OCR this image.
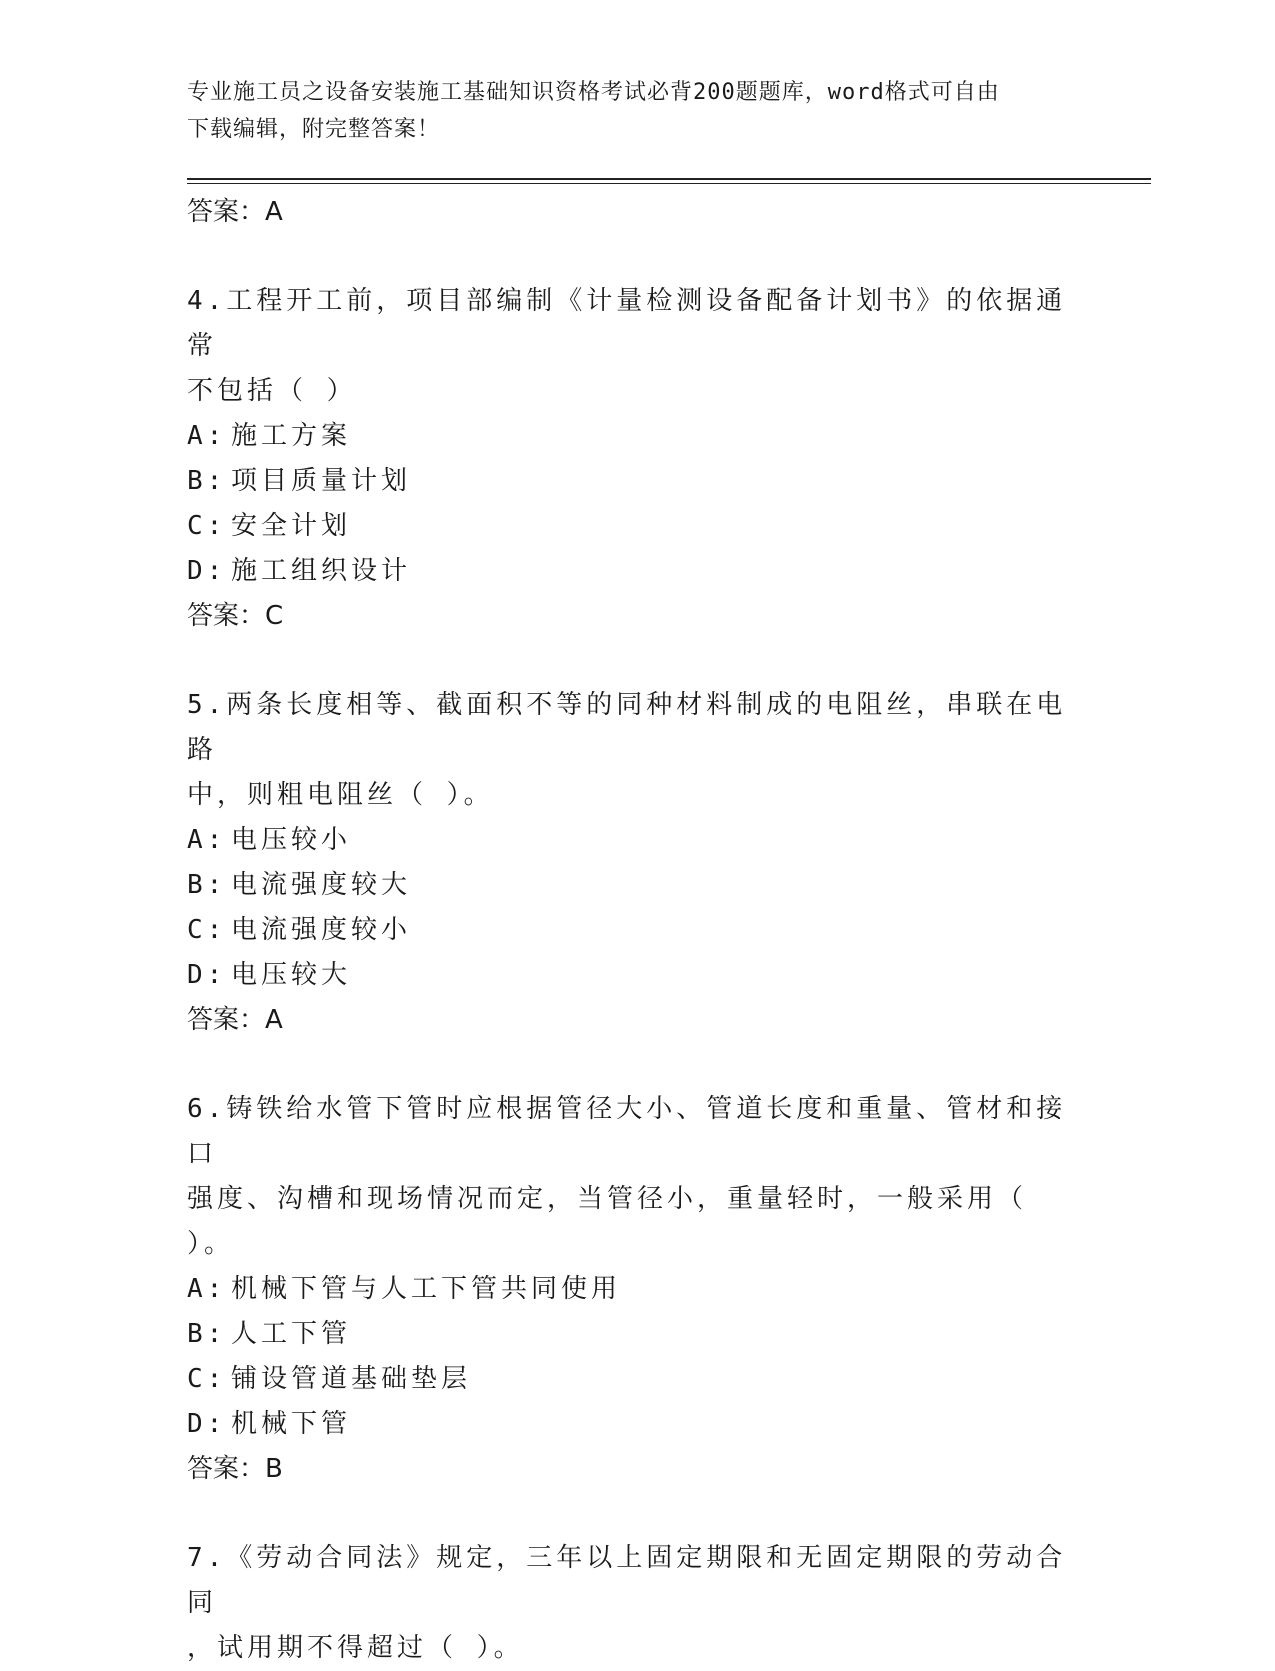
专业施工员之设备安装施工基础知识资格考试必背200题题库，word格式可自由
下载编辑，附完整答案！

答案：A

4.工程开工前，项目部编制《计量检测设备配备计划书》的依据通常
不包括（ ）

A: 施工方案

B: 项目质量计划

C: 安全计划

D: 施工组织设计

答案：C

5.两条长度相等、截面积不等的同种材料制成的电阻丝，串联在电路
中，则粗电阻丝（ ）。

A: 电压较小

B: 电流强度较大

C: 电流强度较小

D: 电压较大

答案：A

6.铸铁给水管下管时应根据管径大小、管道长度和重量、管材和接口
强度、沟槽和现场情况而定，当管径小，重量轻时，一般采用（ ）。

A: 机械下管与人工下管共同使用

B: 人工下管

C: 铺设管道基础垫层

D: 机械下管

答案：B

7.《劳动合同法》规定，三年以上固定期限和无固定期限的劳动合同
，试用期不得超过（ ）。
